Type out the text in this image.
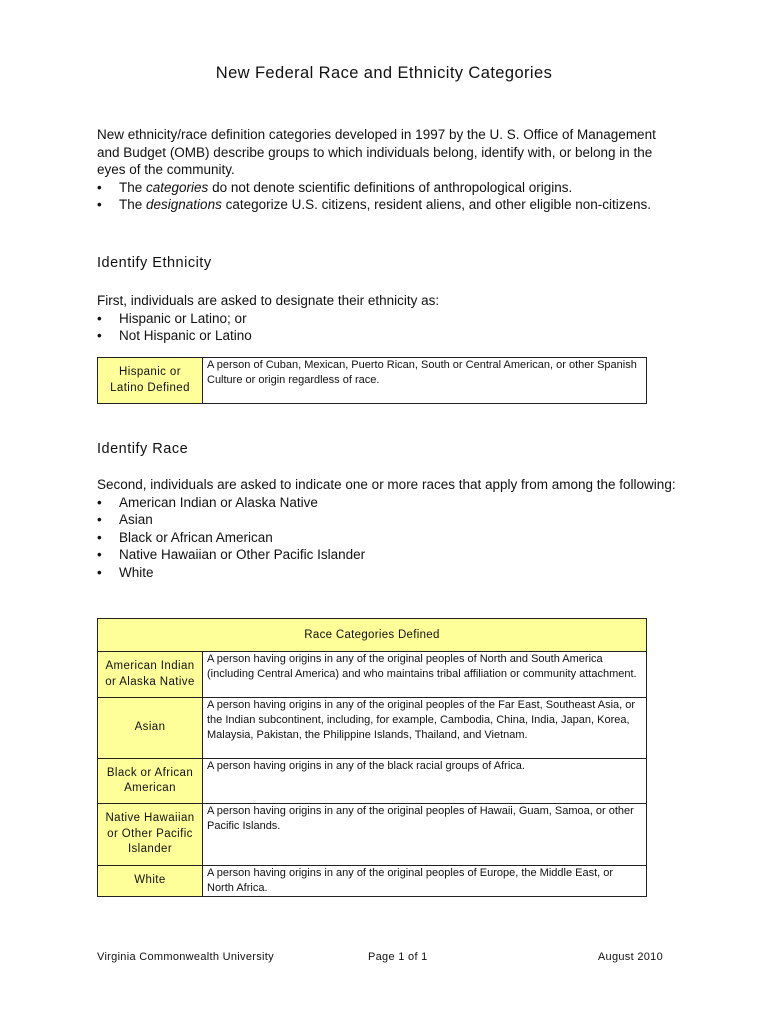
New Federal Race and Ethnicity Categories

New ethnicity/race definition categories developed in 1997 by the U. S. Office of Management and Budget (OMB) describe groups to which individuals belong, identify with, or belong in the eyes of the community.

• The categories do not denote scientific definitions of anthropological origins.
• The designations categorize U.S. citizens, resident aliens, and other eligible non-citizens.
Identify Ethnicity

First, individuals are asked to designate their ethnicity as:

• Hispanic or Latino; or
• Not Hispanic or Latino
Hispanic or Latino Defined	A person of Cuban, Mexican, Puerto Rican, South or Central American, or other Spanish Culture or origin regardless of race.
Identify Race

Second, individuals are asked to indicate one or more races that apply from among the following:

• American Indian or Alaska Native
• Asian
• Black or African American
• Native Hawaiian or Other Pacific Islander
• White
Race Categories Defined	
American Indian or Alaska Native	A person having origins in any of the original peoples of North and South America (including Central America) and who maintains tribal affiliation or community attachment.
Asian	A person having origins in any of the original peoples of the Far East, Southeast Asia, or the Indian subcontinent, including, for example, Cambodia, China, India, Japan, Korea, Malaysia, Pakistan, the Philippine Islands, Thailand, and Vietnam.
Black or African American	A person having origins in any of the black racial groups of Africa.
Native Hawaiian or Other Pacific Islander	A person having origins in any of the original peoples of Hawaii, Guam, Samoa, or other Pacific Islands.
White	A person having origins in any of the original peoples of Europe, the Middle East, or North Africa.
Virginia Commonwealth University	Page 1 of 1	August 2010
